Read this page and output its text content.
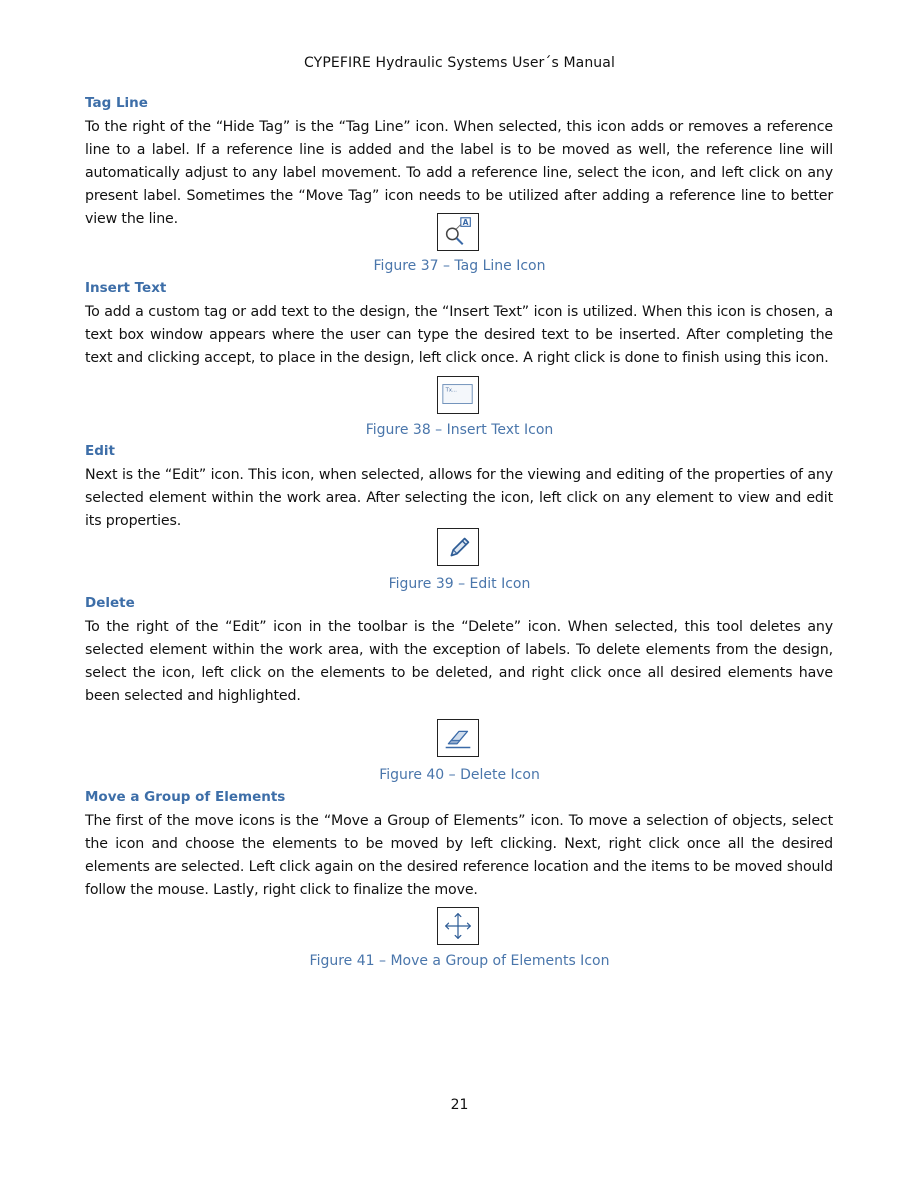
CYPEFIRE Hydraulic Systems User´s Manual
Tag Line
To the right of the “Hide Tag” is the “Tag Line” icon. When selected, this icon adds or removes a reference line to a label. If a reference line is added and the label is to be moved as well, the reference line will automatically adjust to any label movement. To add a reference line, select the icon, and left click on any present label. Sometimes the “Move Tag” icon needs to be utilized after adding a reference line to better view the line.	A
Figure 37 – Tag Line Icon
Insert Text
To add a custom tag or add text to the design, the “Insert Text” icon is utilized. When this icon is chosen, a text box window appears where the user can type the desired text to be inserted. After completing the text and clicking accept, to place in the design, left click once. A right click is done to finish using this icon.
Tx...
Figure 38 – Insert Text Icon
Edit
Next is the “Edit” icon. This icon, when selected, allows for the viewing and editing of the properties of any selected element within the work area. After selecting the icon, left click on any element to view and edit its properties.
Figure 39 – Edit Icon
Delete
To the right of the “Edit” icon in the toolbar is the “Delete” icon. When selected, this tool deletes any selected element within the work area, with the exception of labels. To delete elements from the design, select the icon, left click on the elements to be deleted, and right click once all desired elements have been selected and highlighted.
Figure 40 – Delete Icon
Move a Group of Elements
The first of the move icons is the “Move a Group of Elements” icon. To move a selection of objects, select the icon and choose the elements to be moved by left clicking. Next, right click once all the desired elements are selected. Left click again on the desired reference location and the items to be moved should follow the mouse. Lastly, right click to finalize the move.
Figure 41 – Move a Group of Elements Icon
21
